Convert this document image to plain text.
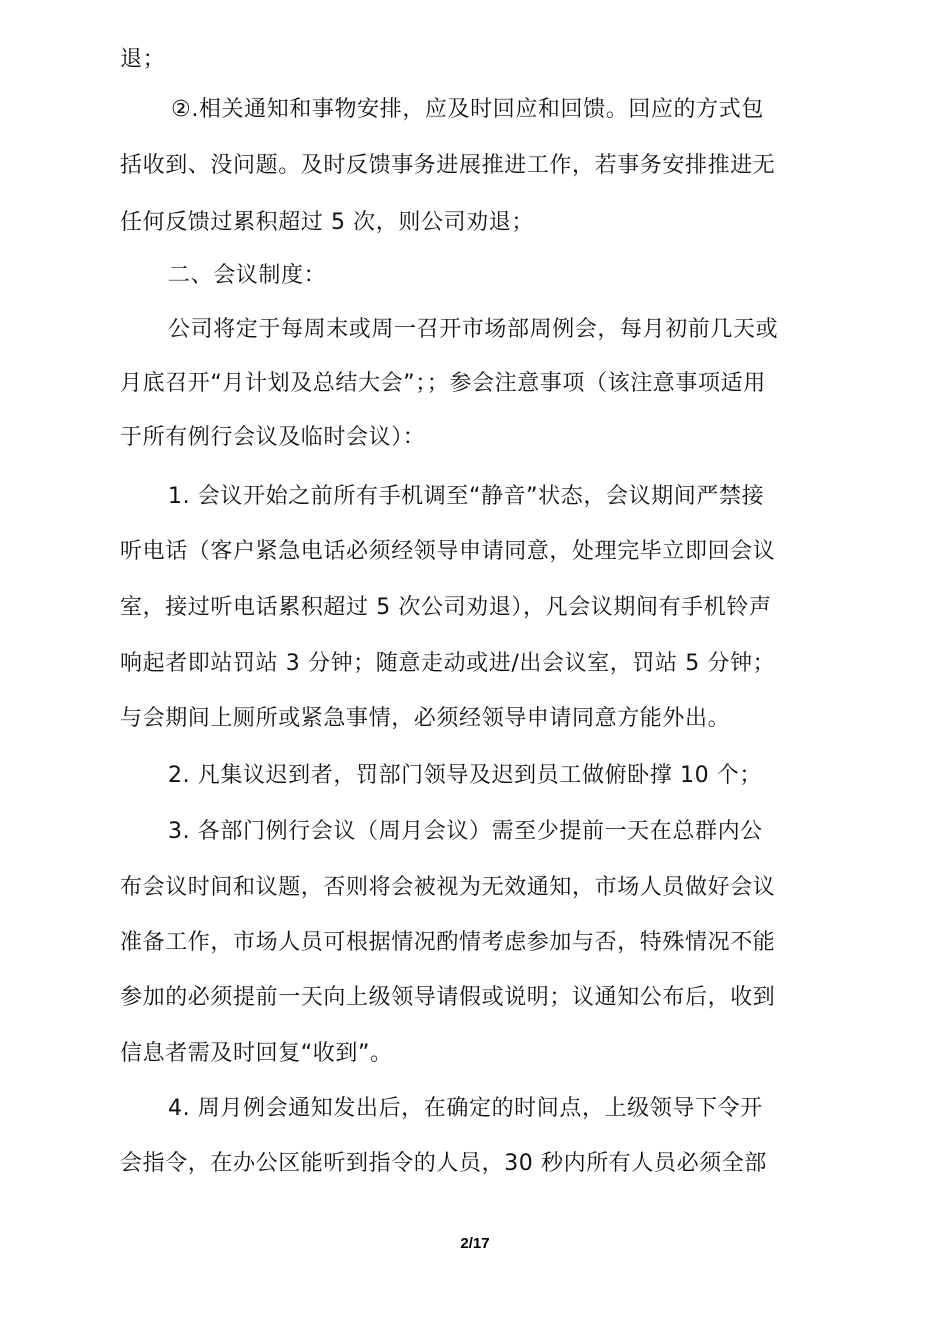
退；
②.相关通知和事物安排，应及时回应和回馈。回应的方式包
括收到、没问题。及时反馈事务进展推进工作，若事务安排推进无
任何反馈过累积超过 5 次，则公司劝退；
二、会议制度：
公司将定于每周末或周一召开市场部周例会，每月初前几天或
月底召开“月计划及总结大会”；；参会注意事项（该注意事项适用
于所有例行会议及临时会议）：
1. 会议开始之前所有手机调至“静音”状态，会议期间严禁接
听电话（客户紧急电话必须经领导申请同意，处理完毕立即回会议
室，接过听电话累积超过 5 次公司劝退），凡会议期间有手机铃声
响起者即站罚站 3 分钟；随意走动或进/出会议室，罚站 5 分钟；
与会期间上厕所或紧急事情，必须经领导申请同意方能外出。
2. 凡集议迟到者，罚部门领导及迟到员工做俯卧撑 10 个；
3. 各部门例行会议（周月会议）需至少提前一天在总群内公
布会议时间和议题，否则将会被视为无效通知，市场人员做好会议
准备工作，市场人员可根据情况酌情考虑参加与否，特殊情况不能
参加的必须提前一天向上级领导请假或说明；议通知公布后，收到
信息者需及时回复“收到”。
4. 周月例会通知发出后，在确定的时间点，上级领导下令开
会指令，在办公区能听到指令的人员，30 秒内所有人员必须全部
2/17
